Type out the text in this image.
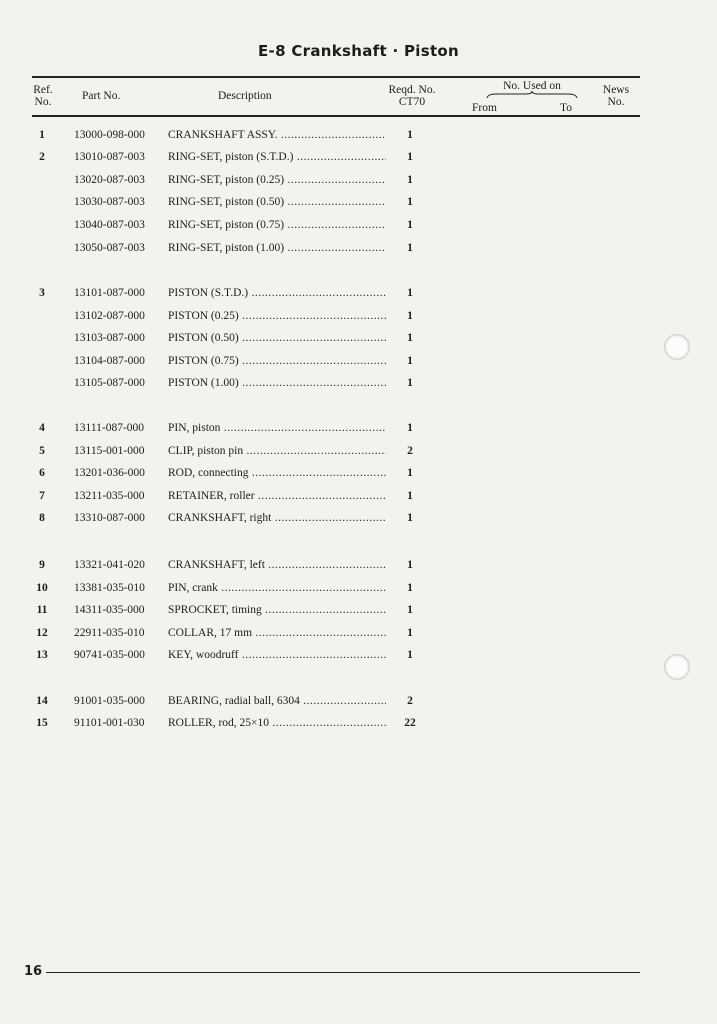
E-8 Crankshaft · Piston
Ref. No.	Part No.	Description	Reqd. No. CT70
No. Used on
From	To
News No.
1	13000-098-000 CRANKSHAFT ASSY. .....	1
2	13010-087-003 RING-SET, piston (S.T.D.) .....	1
13020-087-003 RING-SET, piston (0.25) .....	1
13030-087-003 RING-SET, piston (0.50) .....	1
13040-087-003 RING-SET, piston (0.75) .....	1
13050-087-003 RING-SET, piston (1.00) .....	1
3	13101-087-000 PISTON (S.T.D.) .....	1
13102-087-000 PISTON (0.25) .....	1
13103-087-000 PISTON (0.50) .....	1
13104-087-000 PISTON (0.75) .....	1
13105-087-000 PISTON (1.00) .....	1
4	13111-087-000 PIN, piston .....	1
5	13115-001-000 CLIP, piston pin .....	2
6	13201-036-000 ROD, connecting .....	1
7	13211-035-000 RETAINER, roller .....	1
8	13310-087-000 CRANKSHAFT, right .....	1
9	13321-041-020 CRANKSHAFT, left .....	1
10	13381-035-010 PIN, crank .....	1
11	14311-035-000 SPROCKET, timing .....	1
12	22911-035-010 COLLAR, 17 mm .....	1
13	90741-035-000 KEY, woodruff .....	1
14	91001-035-000 BEARING, radial ball, 6304 .....	2
15	91101-001-030 ROLLER, rod, 25×10 .....	22
16
